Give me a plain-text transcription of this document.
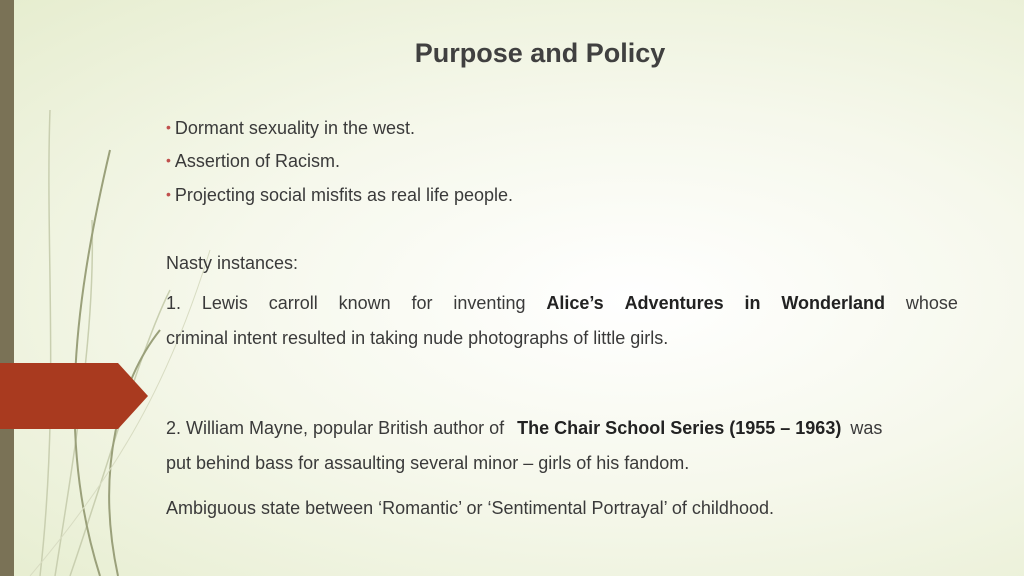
Purpose and Policy
• Dormant sexuality in the west.
• Assertion of Racism.
• Projecting social misfits as real life people.
Nasty instances:
1. Lewis carroll known for inventing Alice’s Adventures in Wonderland whose
criminal intent resulted in taking nude photographs of little girls.
2. William Mayne, popular British author of The Chair School Series (1955 – 1963) was
put behind bass for assaulting several minor – girls of his fandom.
Ambiguous state between ‘Romantic’ or ‘Sentimental Portrayal’ of childhood.
